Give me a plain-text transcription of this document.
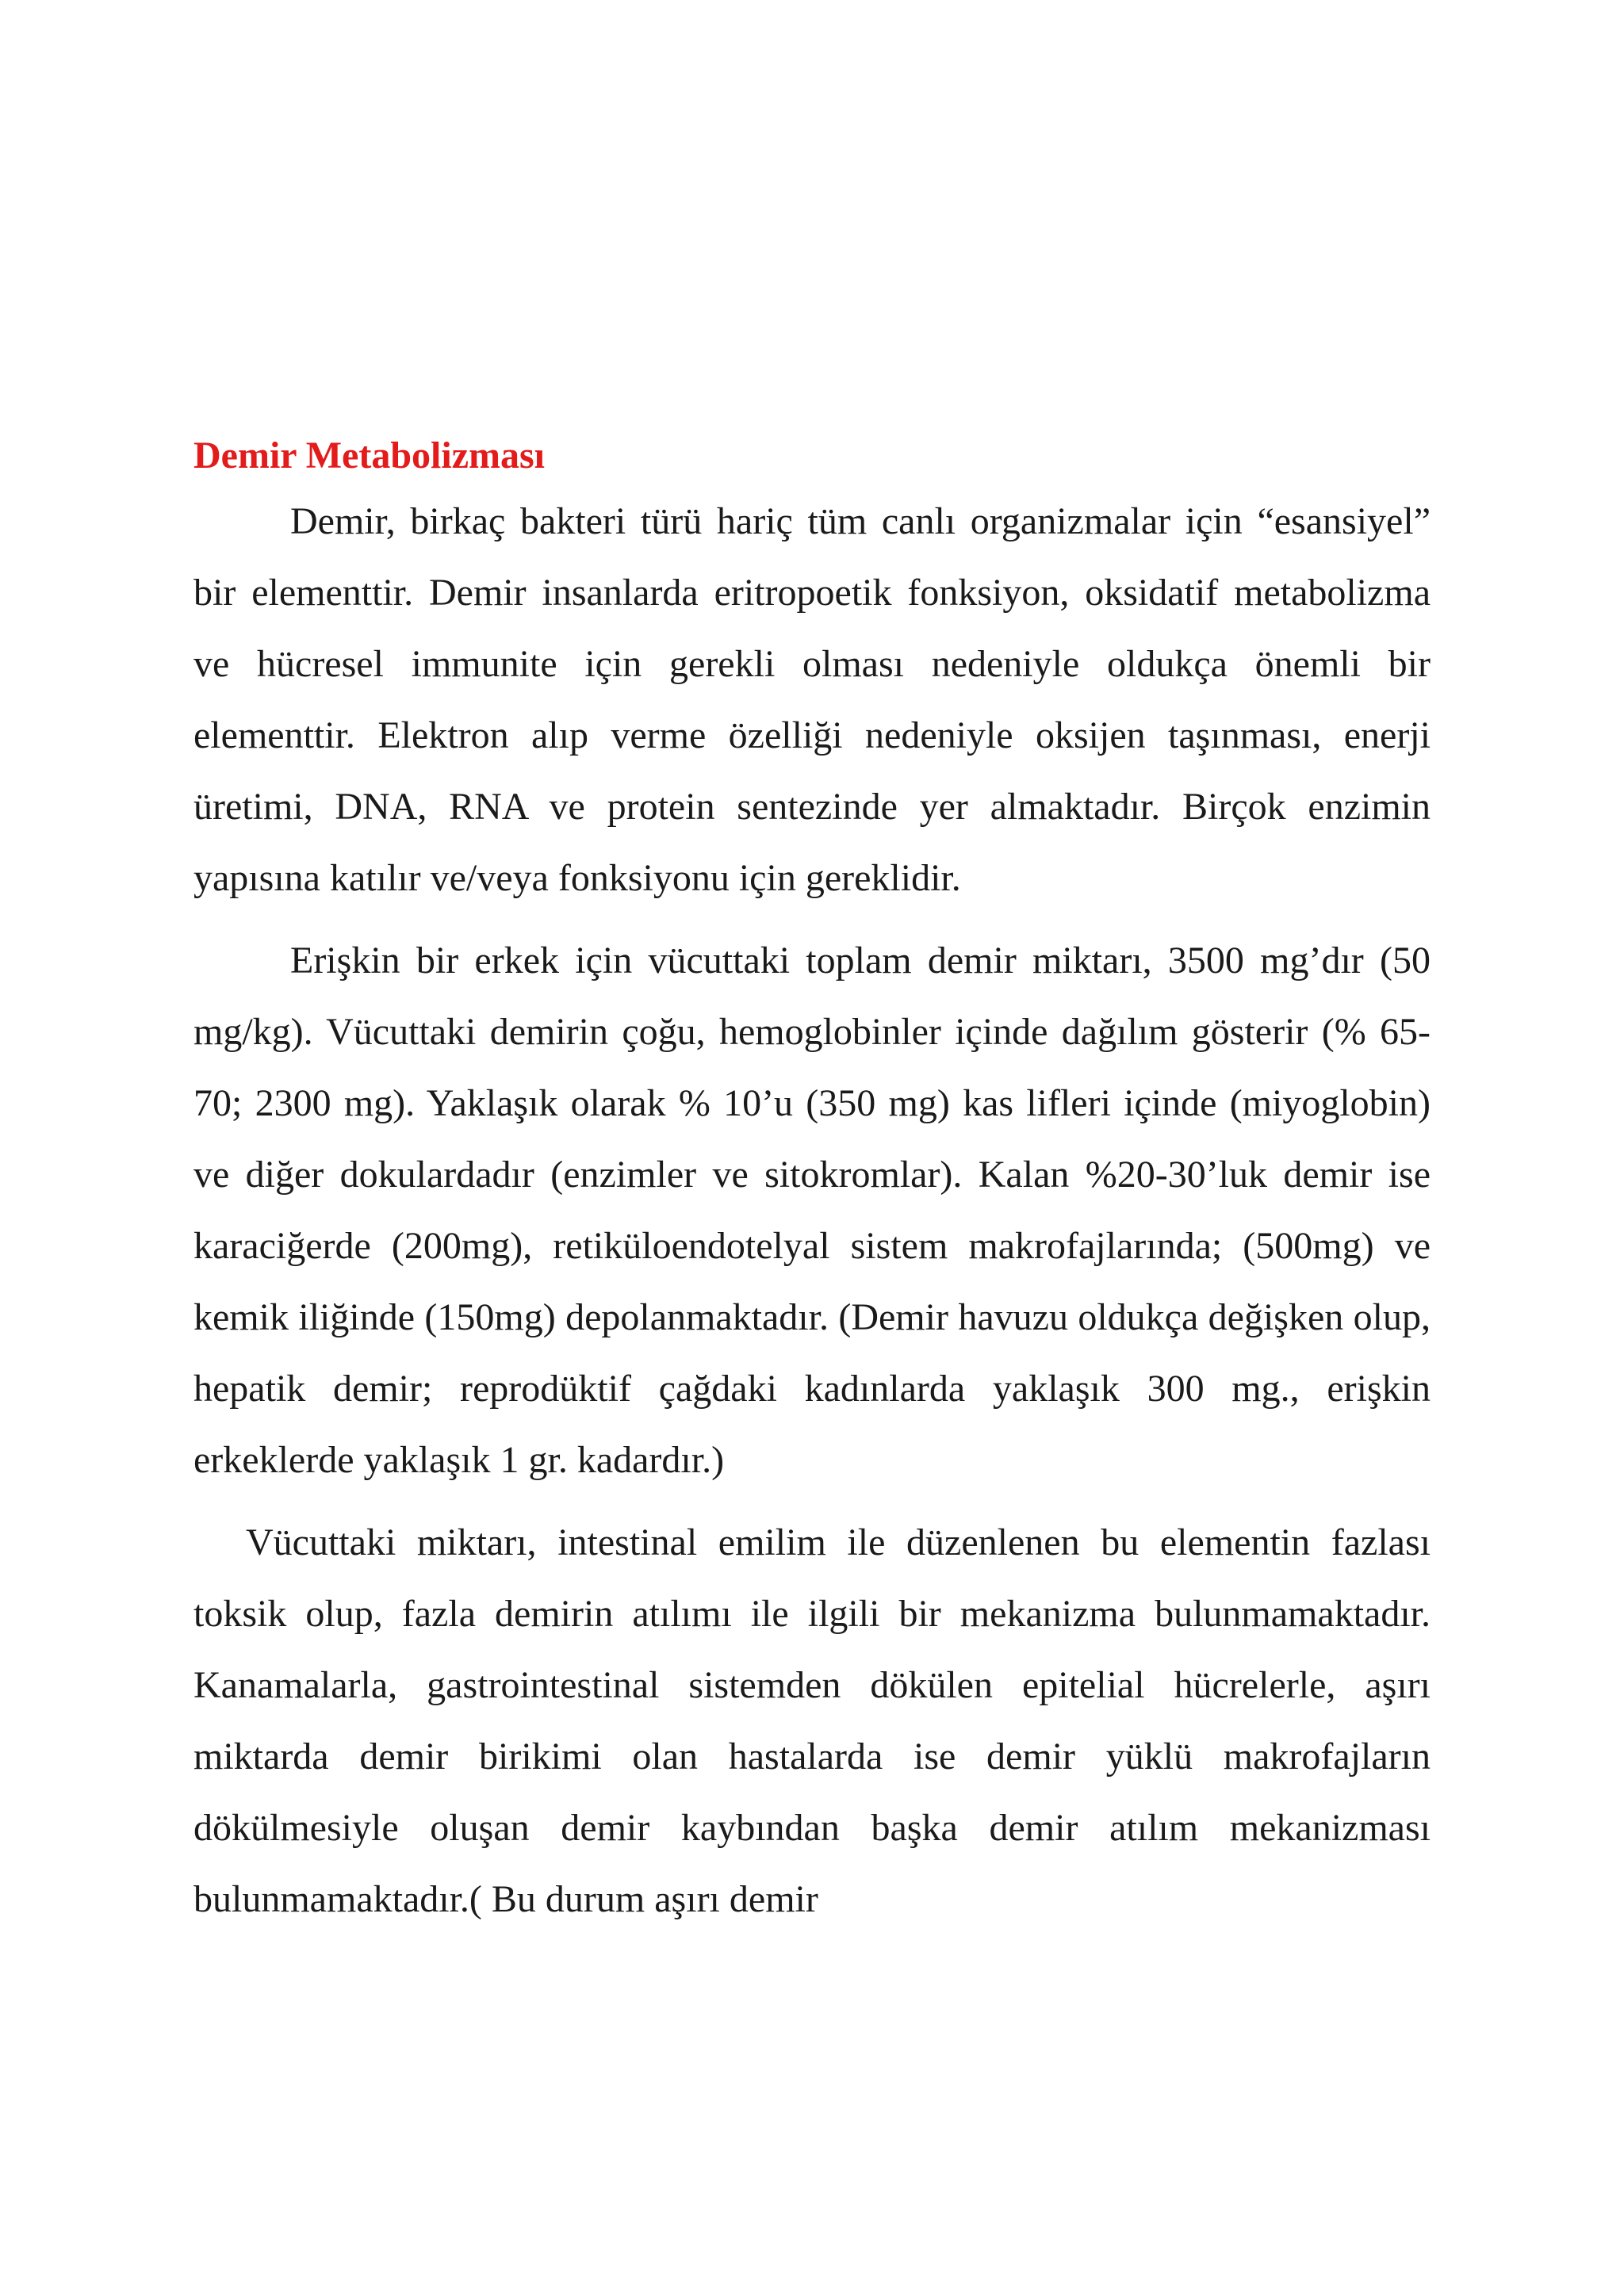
Demir Metabolizması

Demir, birkaç bakteri türü hariç tüm canlı organizmalar için “esansiyel” bir elementtir. Demir insanlarda eritropoetik fonksiyon, oksidatif metabolizma ve hücresel immunite için gerekli olması nedeniyle oldukça önemli bir elementtir. Elektron alıp verme özelliği nedeniyle oksijen taşınması, enerji üretimi, DNA, RNA ve protein sentezinde yer almaktadır. Birçok enzimin yapısına katılır ve/veya fonksiyonu için gereklidir.

Erişkin bir erkek için vücuttaki toplam demir miktarı, 3500 mg’dır (50 mg/kg). Vücuttaki demirin çoğu, hemoglobinler içinde dağılım gösterir (% 65-70; 2300 mg). Yaklaşık olarak % 10’u (350 mg) kas lifleri içinde (miyoglobin) ve diğer dokulardadır (enzimler ve sitokromlar). Kalan %20-30’luk demir ise karaciğerde (200mg), retiküloendotelyal sistem makrofajlarında; (500mg) ve kemik iliğinde (150mg) depolanmaktadır. (Demir havuzu oldukça değişken olup, hepatik demir; reprodüktif çağdaki kadınlarda yaklaşık 300 mg., erişkin erkeklerde yaklaşık 1 gr. kadardır.)

Vücuttaki miktarı, intestinal emilim ile düzenlenen bu elementin fazlası toksik olup, fazla demirin atılımı ile ilgili bir mekanizma bulunmamaktadır. Kanamalarla, gastrointestinal sistemden dökülen epitelial hücrelerle, aşırı miktarda demir birikimi olan hastalarda ise demir yüklü makrofajların dökülmesiyle oluşan demir kaybından başka demir atılım mekanizması bulunmamaktadır.( Bu durum aşırı demir
